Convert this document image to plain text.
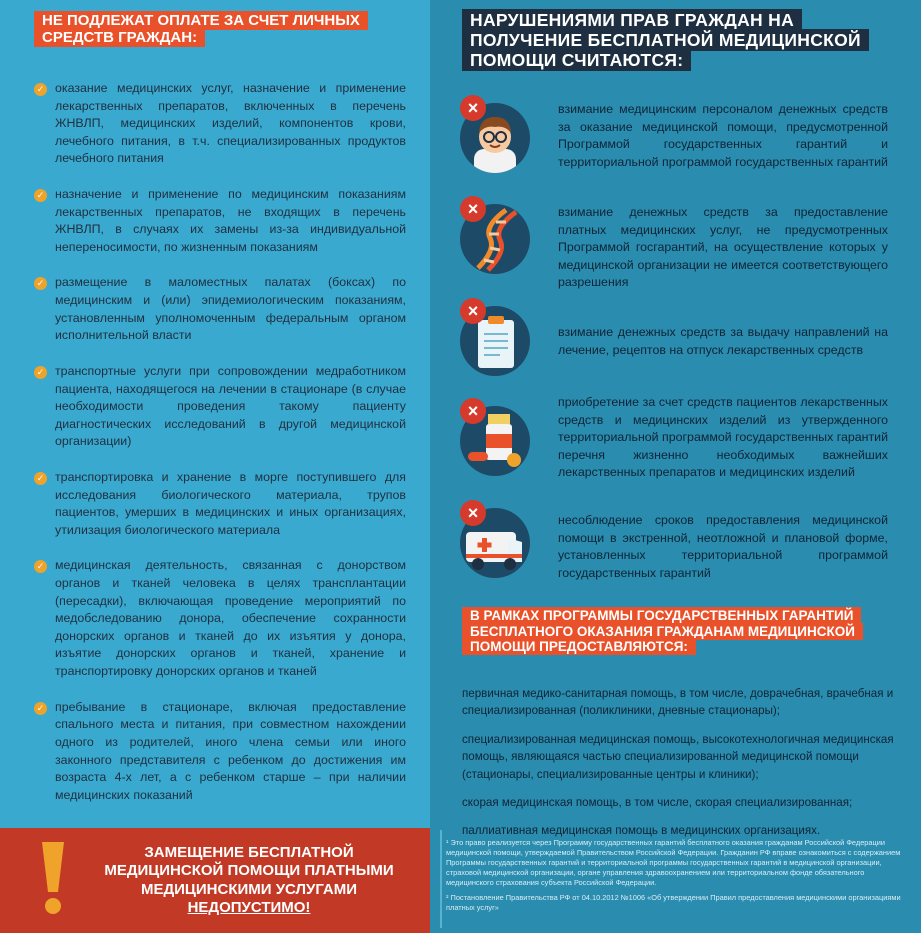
НЕ ПОДЛЕЖАТ ОПЛАТЕ ЗА СЧЕТ ЛИЧНЫХ СРЕДСТВ ГРАЖДАН:
✓ оказание медицинских услуг, назначение и применение лекарственных препаратов, включенных в перечень ЖНВЛП, медицинских изделий, компонентов крови, лечебного питания, в т.ч. специализированных продуктов лечебного питания
✓ назначение и применение по медицинским показаниям лекарственных препаратов, не входящих в перечень ЖНВЛП, в случаях их замены из-за индивидуальной непереносимости, по жизненным показаниям
✓ размещение в маломестных палатах (боксах) по медицинским и (или) эпидемиологическим показаниям, установленным уполномоченным федеральным органом исполнительной власти
✓ транспортные услуги при сопровождении медработником пациента, находящегося на лечении в стационаре (в случае необходимости проведения такому пациенту диагностических исследований в другой медицинской организации)
✓ транспортировка и хранение в морге поступившего для исследования биологического материала, трупов пациентов, умерших в медицинских и иных организациях, утилизация биологического материала
✓ медицинская деятельность, связанная с донорством органов и тканей человека в целях трансплантации (пересадки), включающая проведение мероприятий по медобследованию донора, обеспечение сохранности донорских органов и тканей до их изъятия у донора, изъятие донорских органов и тканей, хранение и транспортировку донорских органов и тканей
✓ пребывание в стационаре, включая предоставление спального места и питания, при совместном нахождении одного из родителей, иного члена семьи или иного законного представителя с ребенком до достижения им возраста 4-х лет, а с ребенком старше – при наличии медицинских показаний
НАРУШЕНИЯМИ ПРАВ ГРАЖДАН НА ПОЛУЧЕНИЕ БЕСПЛАТНОЙ МЕДИЦИНСКОЙ ПОМОЩИ СЧИТАЮТСЯ:
×	взимание медицинским персоналом денежных средств за оказание медицинской помощи, предусмотренной Программой государственных гарантий и территориальной программой государственных гарантий
×	взимание денежных средств за предоставление платных медицинских услуг, не предусмотренных Программой госгарантий, на осуществление которых у медицинской организации не имеется соответствующего разрешения
×
взимание денежных средств за выдачу направлений на лечение, рецептов на отпуск лекарственных средств
×	приобретение за счет средств пациентов лекарственных средств и медицинских изделий из утвержденного территориальной программой государственных гарантий перечня жизненно необходимых важнейших лекарственных препаратов и медицинских изделий
×	несоблюдение сроков предоставления медицинской помощи в экстренной, неотложной и плановой форме, установленных территориальной программой государственных гарантий
В РАМКАХ ПРОГРАММЫ ГОСУДАРСТВЕННЫХ ГАРАНТИЙ БЕСПЛАТНОГО ОКАЗАНИЯ ГРАЖДАНАМ МЕДИЦИНСКОЙ ПОМОЩИ ПРЕДОСТАВЛЯЮТСЯ:

первичная медико-санитарная помощь, в том числе, доврачебная, врачебная и специализированная (поликлиники, дневные стационары);

специализированная медицинская помощь, высокотехнологичная медицинская помощь, являющаяся частью специализированной медицинской помощи (стационары, специализированные центры и клиники);

скорая медицинская помощь, в том числе, скорая специализированная;

паллиативная медицинская помощь в медицинских организациях.

ЗАМЕЩЕНИЕ БЕСПЛАТНОЙ МЕДИЦИНСКОЙ ПОМОЩИ ПЛАТНЫМИ МЕДИЦИНСКИМИ УСЛУГАМИ НЕДОПУСТИМО!

¹ Это право реализуется через Программу государственных гарантий бесплатного оказания гражданам Российской Федерации медицинской помощи, утверждаемой Правительством Российской Федерации. Гражданин РФ вправе ознакомиться с содержанием Программы государственных гарантий и территориальной программы государственных гарантий в медицинской организации, страховой медицинской организации, органе управления здравоохранением или территориальном фонде обязательного медицинского страхования субъекта Российской Федерации.

² Постановление Правительства РФ от 04.10.2012 №1006 «Об утверждении Правил предоставления медицинскими организациями платных услуг»
